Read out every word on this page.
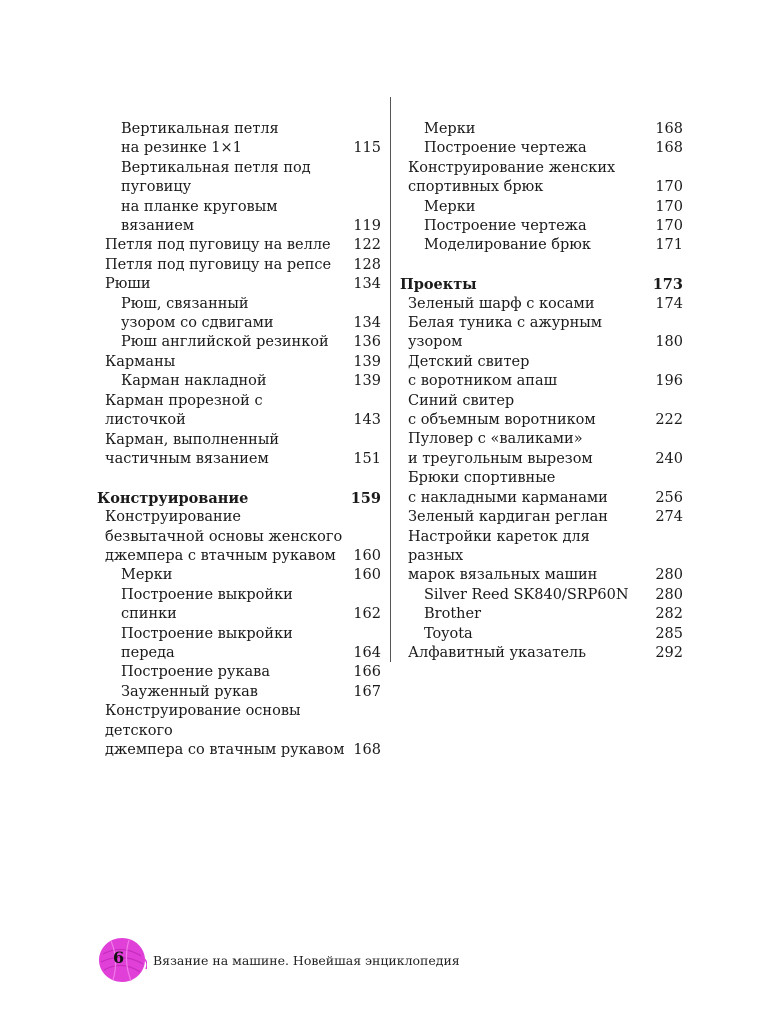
Вертикальная петля
на резинке 1×1	115
Вертикальная петля под пуговицу
на планке круговым вязанием	119
Петля под пуговицу на велле	122
Петля под пуговицу на репсе	128
Рюши	134
Рюш, связанный
узором со сдвигами	134
Рюш английской резинкой	136
Карманы	139
Карман накладной	139
Карман прорезной с листочкой	143
Карман, выполненный
частичным вязанием	151
Конструирование	159
Конструирование
безвытачной основы женского
джемпера с втачным рукавом	160
Мерки	160
Построение выкройки спинки	162
Построение выкройки переда	164
Построение рукава	166
Зауженный рукав	167
Конструирование основы детского
джемпера со втачным рукавом 168
Мерки	168
Построение чертежа	168
Конструирование женских
спортивных брюк	170
Мерки	170
Построение чертежа	170
Моделирование брюк	171
Проекты	173
Зеленый шарф с косами	174
Белая туника с ажурным узором	180
Детский свитер
с воротником апаш	196
Синий свитер
с объемным воротником	222
Пуловер с «валиками»
и треугольным вырезом	240
Брюки спортивные
с накладными карманами	256
Зеленый кардиган реглан	274
Настройки кареток для разных
марок вязальных машин	280
Silver Reed SK840/SRP60N	280
Brother	282
Toyota	285
Алфавитный указатель	292
6 Вязание на машине. Новейшая энциклопедия
